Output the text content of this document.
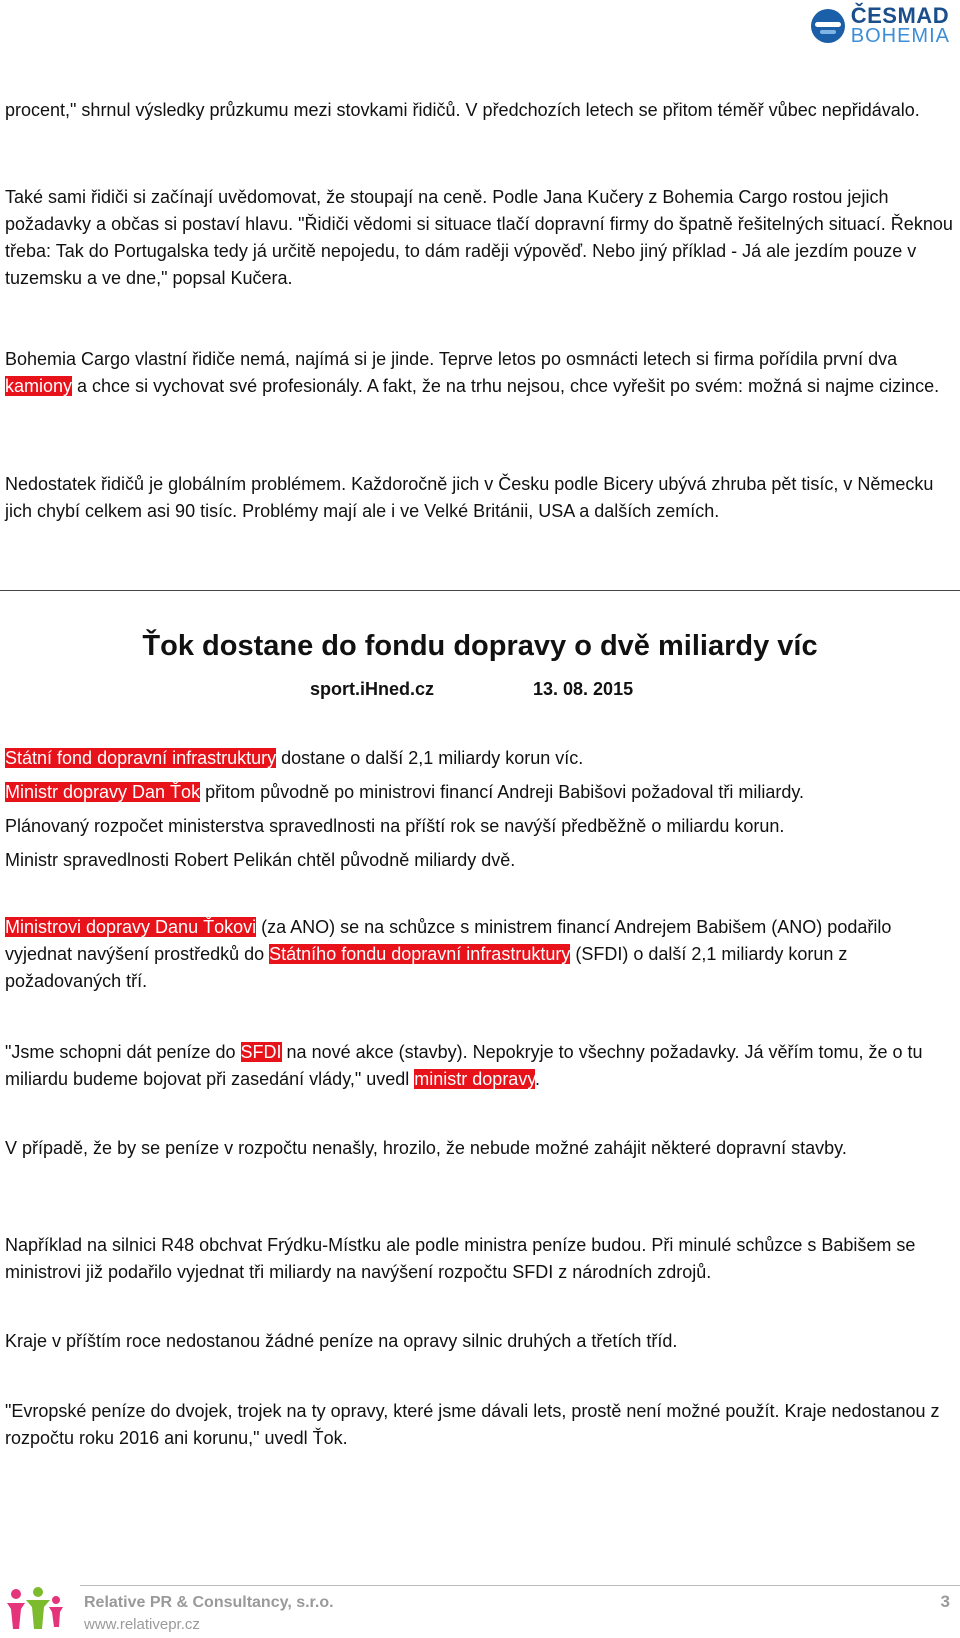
ČESMAD
BOHEMIA

procent," shrnul výsledky průzkumu mezi stovkami řidičů. V předchozích letech se přitom téměř vůbec nepřidávalo.

Také sami řidiči si začínají uvědomovat, že stoupají na ceně. Podle Jana Kučery z Bohemia Cargo rostou jejich požadavky a občas si postaví hlavu. "Řidiči vědomi si situace tlačí dopravní firmy do špatně řešitelných situací. Řeknou třeba: Tak do Portugalska tedy já určitě nepojedu, to dám raději výpověď. Nebo jiný příklad - Já ale jezdím pouze v tuzemsku a ve dne," popsal Kučera.

Bohemia Cargo vlastní řidiče nemá, najímá si je jinde. Teprve letos po osmnácti letech si firma pořídila první dva kamiony a chce si vychovat své profesionály. A fakt, že na trhu nejsou, chce vyřešit po svém: možná si najme cizince.

Nedostatek řidičů je globálním problémem. Každoročně jich v Česku podle Bicery ubývá zhruba pět tisíc, v Německu jich chybí celkem asi 90 tisíc. Problémy mají ale i ve Velké Británii, USA a dalších zemích.

Ťok dostane do fondu dopravy o dvě miliardy víc
sport.iHned.cz	13. 08. 2015

Státní fond dopravní infrastruktury dostane o další 2,1 miliardy korun víc.

Ministr dopravy Dan Ťok přitom původně po ministrovi financí Andreji Babišovi požadoval tři miliardy.

Plánovaný rozpočet ministerstva spravedlnosti na příští rok se navýší předběžně o miliardu korun.

Ministr spravedlnosti Robert Pelikán chtěl původně miliardy dvě.

Ministrovi dopravy Danu Ťokovi (za ANO) se na schůzce s ministrem financí Andrejem Babišem (ANO) podařilo vyjednat navýšení prostředků do Státního fondu dopravní infrastruktury (SFDI) o další 2,1 miliardy korun z požadovaných tří.

"Jsme schopni dát peníze do SFDI na nové akce (stavby). Nepokryje to všechny požadavky. Já věřím tomu, že o tu miliardu budeme bojovat při zasedání vlády," uvedl ministr dopravy.

V případě, že by se peníze v rozpočtu nenašly, hrozilo, že nebude možné zahájit některé dopravní stavby.

Například na silnici R48 obchvat Frýdku-Místku ale podle ministra peníze budou. Při minulé schůzce s Babišem se ministrovi již podařilo vyjednat tři miliardy na navýšení rozpočtu SFDI z národních zdrojů.

Kraje v příštím roce nedostanou žádné peníze na opravy silnic druhých a třetích tříd.

"Evropské peníze do dvojek, trojek na ty opravy, které jsme dávali lets, prostě není možné použít. Kraje nedostanou z rozpočtu roku 2016 ani korunu," uvedl Ťok.

Relative PR & Consultancy, s.r.o.
www.relativepr.cz
3
